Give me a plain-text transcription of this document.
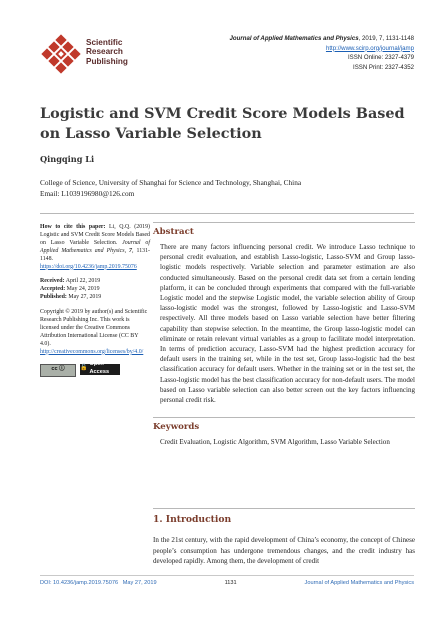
Scientific
Research
Publishing
Journal of Applied Mathematics and Physics, 2019, 7, 1131-1148
http://www.scirp.org/journal/jamp
ISSN Online: 2327-4379
ISSN Print: 2327-4352
Logistic and SVM Credit Score Models Based on Lasso Variable Selection
Qingqing Li
College of Science, University of Shanghai for Science and Technology, Shanghai, China
Email: L1039196980@126.com

How to cite this paper: Li, Q.Q. (2019) Logistic and SVM Credit Score Models Based on Lasso Variable Selection. Journal of Applied Mathematics and Physics, 7, 1131-1148.
https://doi.org/10.4236/jamp.2019.75076

Received: April 22, 2019
Accepted: May 24, 2019
Published: May 27, 2019

Copyright © 2019 by author(s) and Scientific Research Publishing Inc. This work is licensed under the Creative Commons Attribution International License (CC BY 4.0).
http://creativecommons.org/licenses/by/4.0/

cc ⓘ	🔓
Open Access
Abstract
There are many factors influencing personal credit. We introduce Lasso technique to personal credit evaluation, and establish Lasso-logistic, Lasso-SVM and Group lasso-logistic models respectively. Variable selection and parameter estimation are also conducted simultaneously. Based on the personal credit data set from a certain lending platform, it can be concluded through experiments that compared with the full-variable Logistic model and the stepwise Logistic model, the variable selection ability of Group lasso-logistic model was the strongest, followed by Lasso-logistic and Lasso-SVM respectively. All three models based on Lasso variable selection have better filtering capability than stepwise selection. In the meantime, the Group lasso-logistic model can eliminate or retain relevant virtual variables as a group to facilitate model interpretation. In terms of prediction accuracy, Lasso-SVM had the highest prediction accuracy for default users in the training set, while in the test set, Group lasso-logistic had the best classification accuracy for default users. Whether in the training set or in the test set, the Lasso-logistic model has the best classification accuracy for non-default users. The model based on Lasso variable selection can also better screen out the key factors influencing personal credit risk.
Keywords
Credit Evaluation, Logistic Algorithm, SVM Algorithm, Lasso Variable Selection
1. Introduction
In the 21st century, with the rapid development of China’s economy, the concept of Chinese people’s consumption has undergone tremendous changes, and the credit industry has developed rapidly. Among them, the development of credit
DOI: 10.4236/jamp.2019.75076 May 27, 2019	1131	Journal of Applied Mathematics and Physics
